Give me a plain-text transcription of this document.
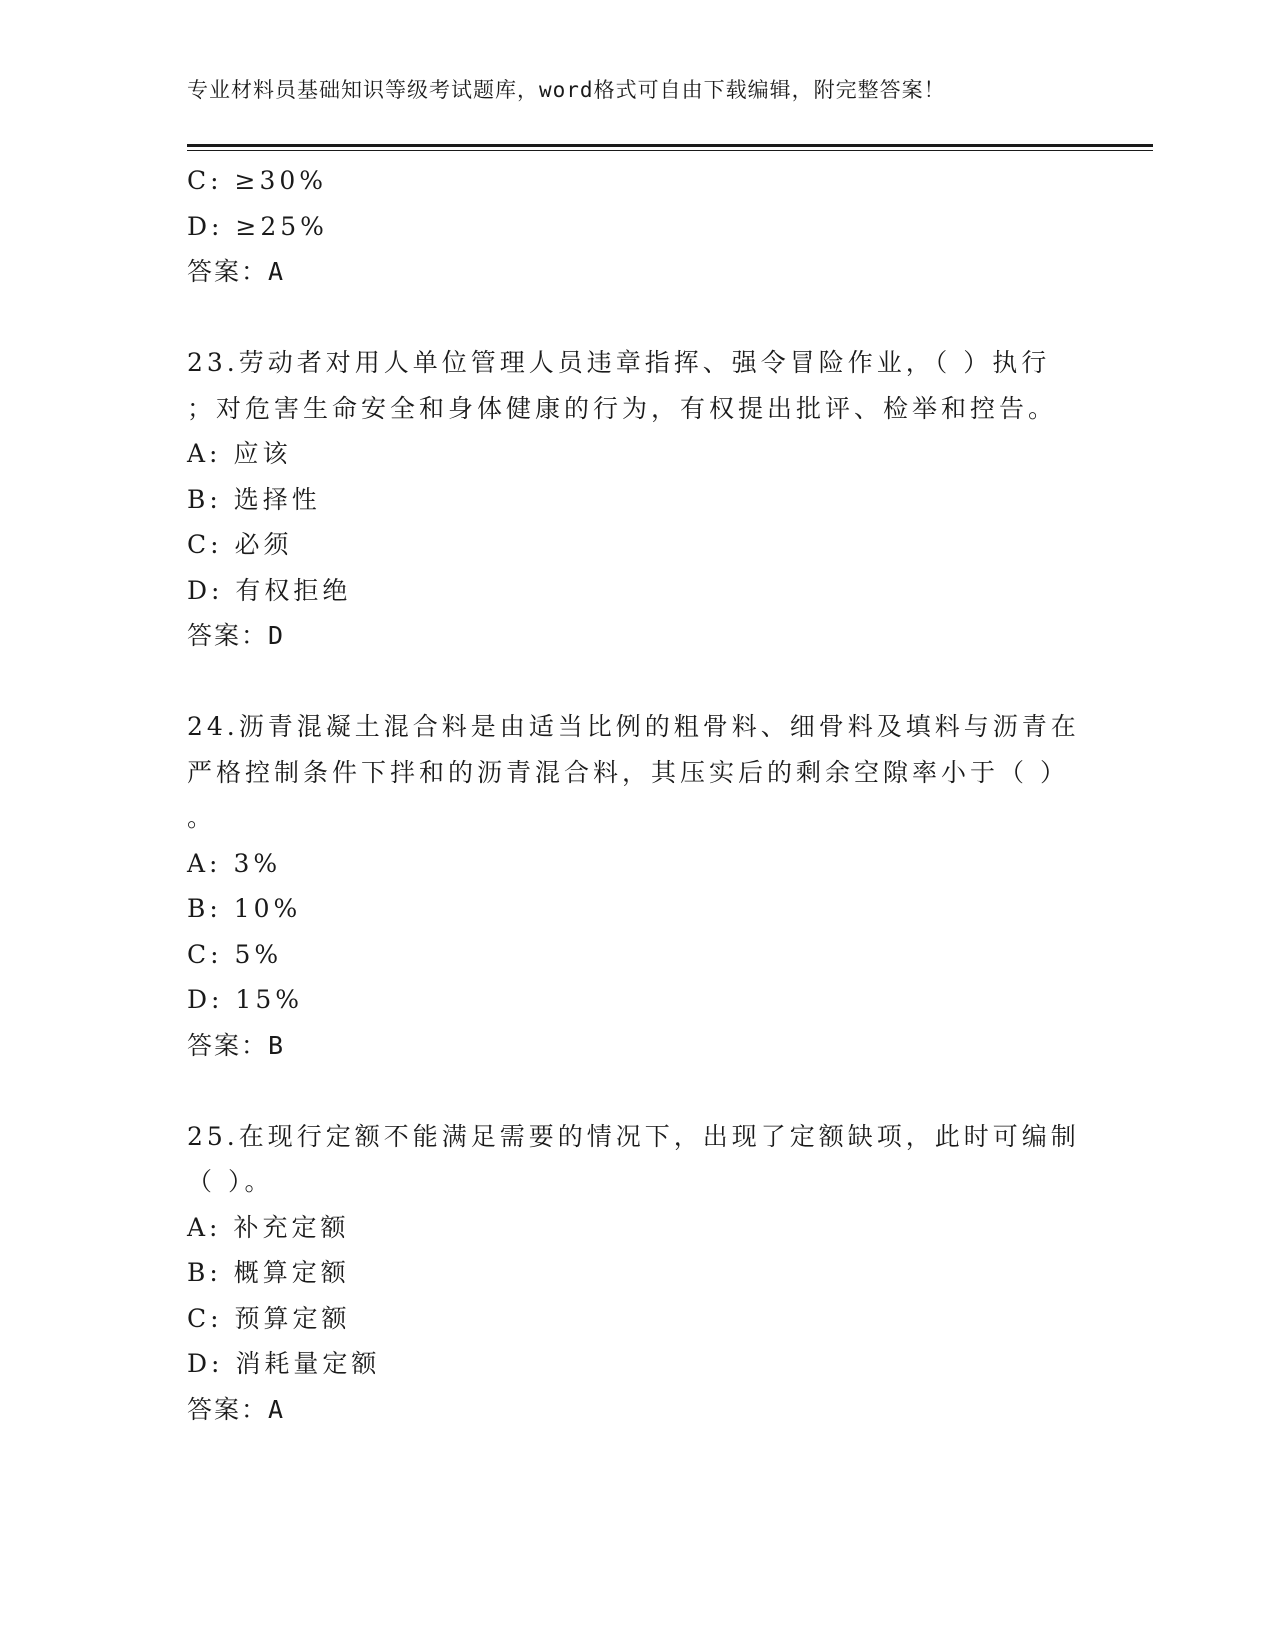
专业材料员基础知识等级考试题库，word格式可自由下载编辑，附完整答案！
C: ≥30%
D: ≥25%
答案：A
23.劳动者对用人单位管理人员违章指挥、强令冒险作业，（ ）执行
；对危害生命安全和身体健康的行为，有权提出批评、检举和控告。
A: 应该
B: 选择性
C: 必须
D: 有权拒绝
答案：D
24.沥青混凝土混合料是由适当比例的粗骨料、细骨料及填料与沥青在
严格控制条件下拌和的沥青混合料，其压实后的剩余空隙率小于（ ）
。
A: 3%
B: 10%
C: 5%
D: 15%
答案：B
25.在现行定额不能满足需要的情况下，出现了定额缺项，此时可编制
（ ）。
A: 补充定额
B: 概算定额
C: 预算定额
D: 消耗量定额
答案：A
